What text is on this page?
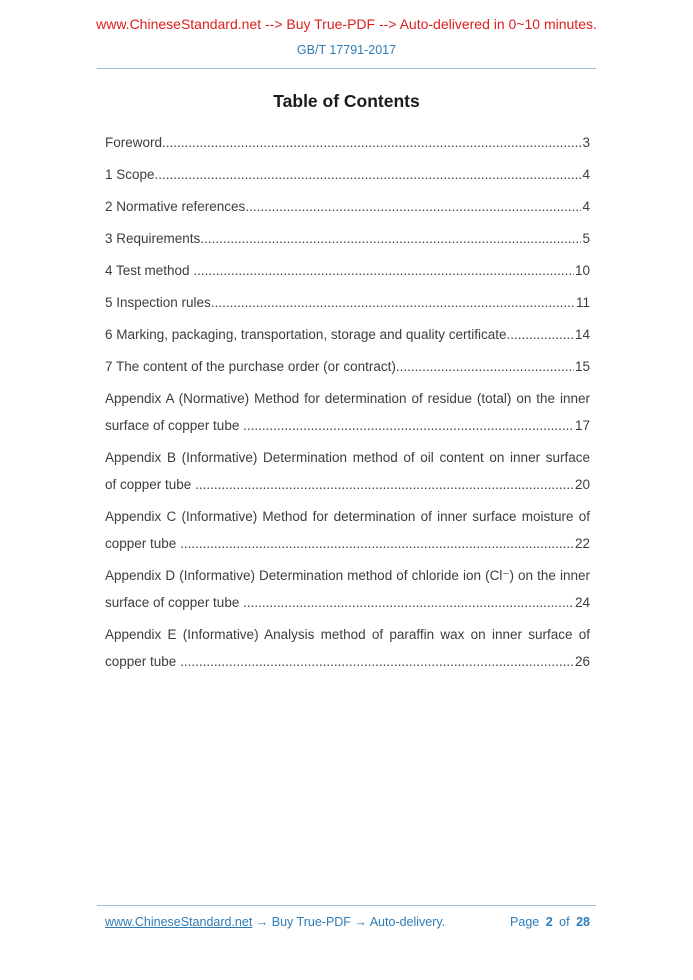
www.ChineseStandard.net --> Buy True-PDF --> Auto-delivered in 0~10 minutes.
GB/T 17791-2017
Table of Contents
Foreword .....	3
1 Scope .....	4
2 Normative references .....	4
3 Requirements .....	5
4 Test method .....	10
5 Inspection rules .....	11
6 Marking, packaging, transportation, storage and quality certificate .....	14
7 The content of the purchase order (or contract) .....	15
Appendix A (Normative) Method for determination of residue (total) on the inner
surface of copper tube .....	17
Appendix B (Informative) Determination method of oil content on inner surface
of copper tube .....	20
Appendix C (Informative) Method for determination of inner surface moisture of
copper tube .....	22
Appendix D (Informative) Determination method of chloride ion (Cl⁻) on the inner
surface of copper tube .....	24
Appendix E (Informative) Analysis method of paraffin wax on inner surface of
copper tube .....	26
www.ChineseStandard.net → Buy True-PDF → Auto-delivery.	Page 2 of 28
